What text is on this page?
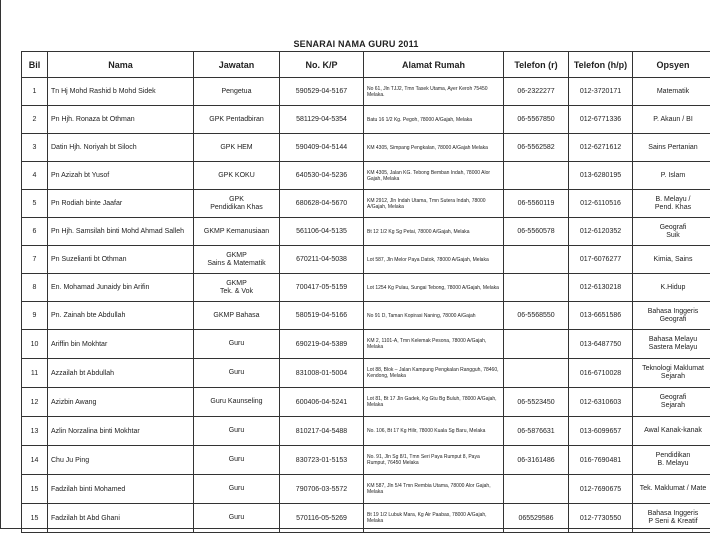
SENARAI NAMA GURU 2011
Bil	Nama	Jawatan	No. K/P	Alamat Rumah	Telefon (r)	Telefon (h/p)	Opsyen
1	Tn Hj Mohd Rashid b Mohd Sidek	Pengetua	590529-04-5167	No 61, Jln TJJ2, Tmn Tasek Utama, Ayer Keroh 75450 Melaka.	06-2322277	012-3720171	Matematik
2	Pn Hjh. Ronaza bt Othman	GPK Pentadbiran	581129-04-5354	Batu 16 1/2 Kg. Pegoh, 78000 A/Gajah, Melaka	06-5567850	012-6771336	P. Akaun / BI
3	Datin Hjh. Noriyah bt Siloch	GPK HEM	590409-04-5144	KM 4305, Simpang Pengkalan, 78000 A/Gajah Melaka	06-5562582	012-6271612	Sains Pertanian
4	Pn Azizah bt Yusof	GPK KOKU	640530-04-5236	KM 4305, Jalan KG. Tebong Bemban Indah, 78000 Alor Gajah, Melaka		013-6280195	P. Islam
5	Pn Rodiah binte Jaafar	GPK
Pendidikan Khas	680628-04-5670	KM 2912, Jln Indah Utama, Tmn Sutera Indah, 78000 A/Gajah, Melaka	06-5560119	012-6110516	B. Melayu /
Pend. Khas
6	Pn Hjh. Samsilah binti Mohd Ahmad Salleh	GKMP Kemanusiaan	561106-04-5135	Bt 12 1/2 Kg Sg Petai, 78000 A/Gajah, Melaka	06-5560578	012-6120352	Geografi
Suik
7	Pn Suzelianti bt Othman	GKMP
Sains & Matematik	670211-04-5038	Lot 587, Jln Melor Paya Datok, 78000 A/Gajah, Melaka		017-6076277	Kimia, Sains
8	En. Mohamad Junaidy bin Arifin	GKMP
Tek. & Vok	700417-05-5159	Lot 1254 Kg Pulau, Sungai Tebong, 78000 A/Gajah, Melaka		012-6130218	K.Hidup
9	Pn. Zainah bte Abdullah	GKMP Bahasa	580519-04-5166	No 91 D, Taman Kopirasi Naning, 78000 A/Gajah	06-5568550	013-6651586	Bahasa Inggeris
Geografi
10	Ariffin bin Mokhtar	Guru	690219-04-5389	KM 2, 1101-A, Tmn Kelemak Pesona, 78000 A/Gajah, Melaka		013-6487750	Bahasa Melayu
Sastera Melayu
11	Azzailah bt Abdullah	Guru	831008-01-5004	Lot 88, Blok – Jalan Kampung Pengkalan Rangguh, 78460, Kendong, Melaka		016-6710028	Teknologi Maklumat
Sejarah
12	Azizbin Awang	Guru Kaunseling	600406-04-5241	Lot 81, Bt 17 Jln Gadek, Kg Gtu Bg Buluh, 78000 A/Gajah, Melaka	06-5523450	012-6310603	Geografi
Sejarah
13	Azlin Norzalina binti Mokhtar	Guru	810217-04-5488	No. 106, Bt 17 Kg Hilir, 78000 Kuala Sg Baru, Melaka	06-5876631	013-6099657	Awal Kanak-kanak
14	Chu Ju Ping	Guru	830723-01-5153	No. 91, Jln Sg 8/1, Tmn Seri Paya Rumput 8, Paya Rumput, 76450 Melaka	06-3161486	016-7690481	Pendidikan
B. Melayu
15	Fadzilah binti Mohamed	Guru	790706-03-5572	KM 587, Jln 5/4 Tmn Rembia Utama, 78000 Alor Gajah, Melaka		012-7690675	Tek. Maklumat / Mate
15	Fadzilah bt Abd Ghani	Guru	570116-05-5269	Bt 19 1/2 Lubuk Mara, Kg Air Paabas, 78000 A/Gajah, Melaka	065529586	012-7730550	Bahasa Inggeris
P Seni & Kreatif
